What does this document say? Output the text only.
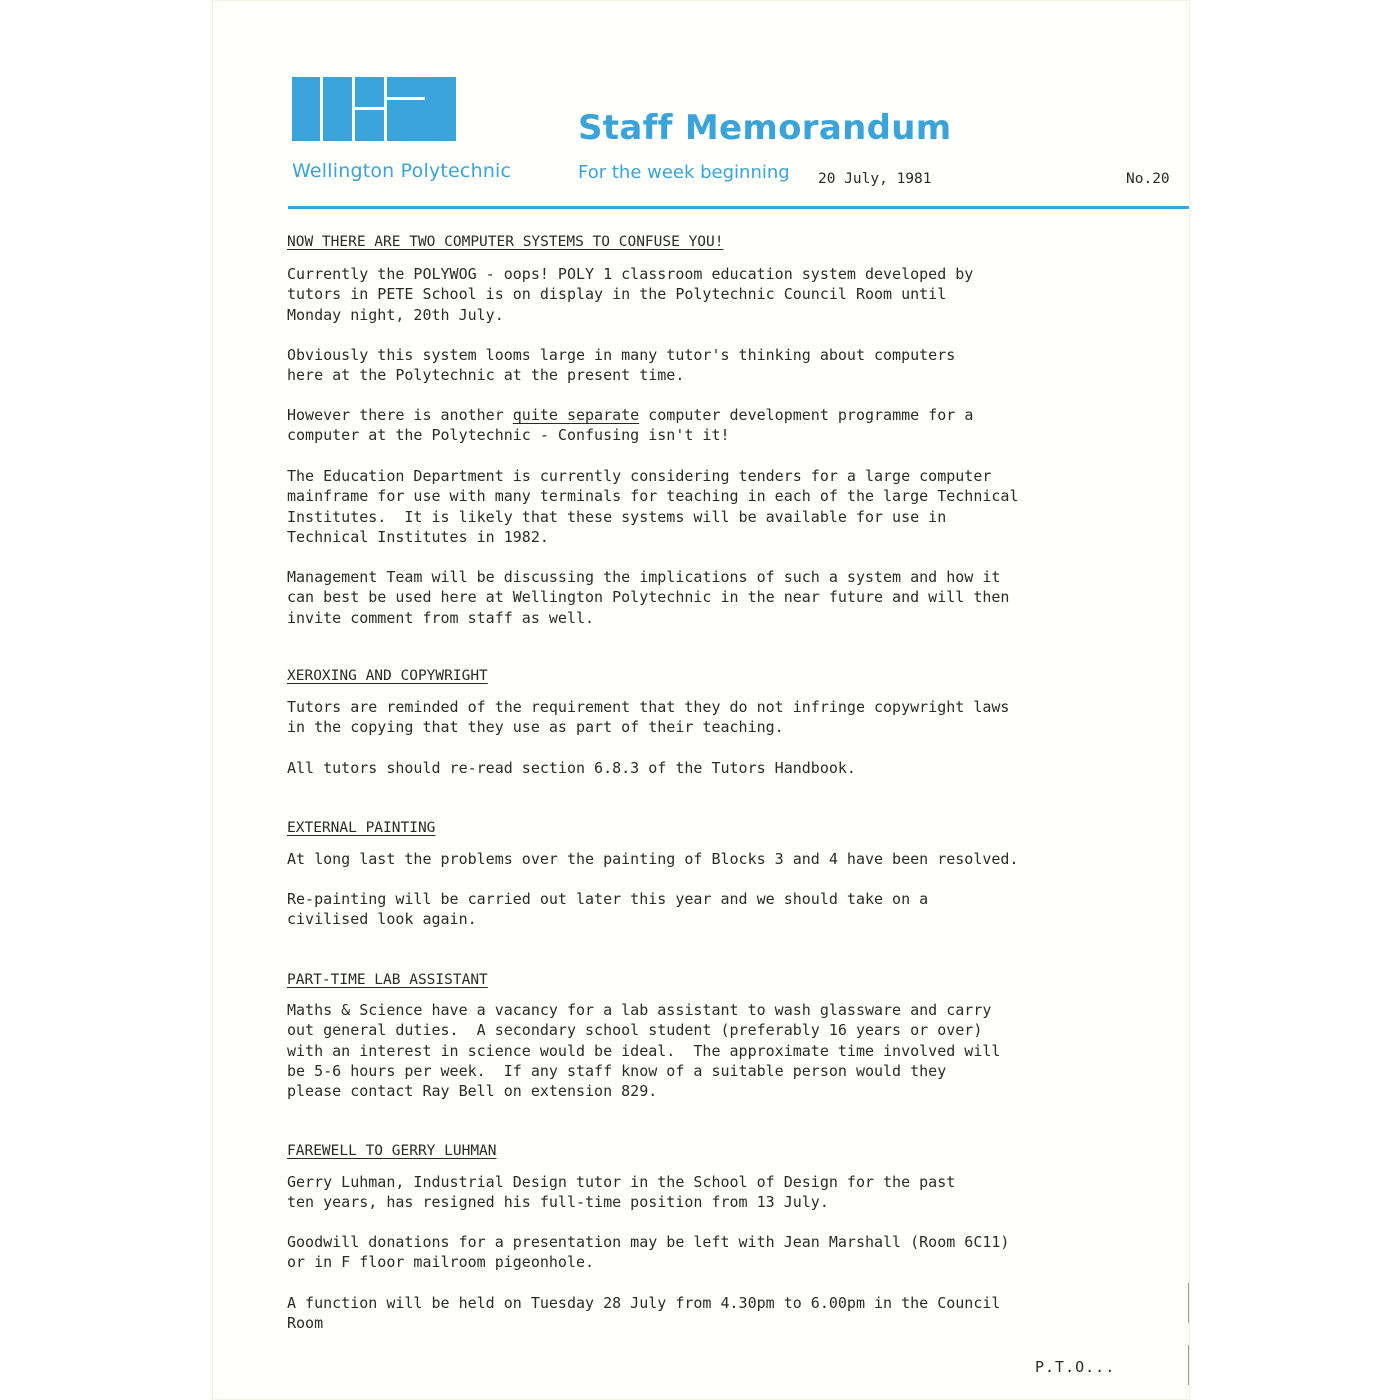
Wellington Polytechnic
Staff Memorandum
For the week beginning 20 July, 1981	No.20
NOW THERE ARE TWO COMPUTER SYSTEMS TO CONFUSE YOU!
Currently the POLYWOG - oops! POLY 1 classroom education system developed by
tutors in PETE School is on display in the Polytechnic Council Room until
Monday night, 20th July.
Obviously this system looms large in many tutor's thinking about computers
here at the Polytechnic at the present time.
However there is another quite separate computer development programme for a
computer at the Polytechnic - Confusing isn't it!
The Education Department is currently considering tenders for a large computer
mainframe for use with many terminals for teaching in each of the large Technical
Institutes.  It is likely that these systems will be available for use in
Technical Institutes in 1982.
Management Team will be discussing the implications of such a system and how it
can best be used here at Wellington Polytechnic in the near future and will then
invite comment from staff as well.
XEROXING AND COPYWRIGHT
Tutors are reminded of the requirement that they do not infringe copywright laws
in the copying that they use as part of their teaching.
All tutors should re-read section 6.8.3 of the Tutors Handbook.
EXTERNAL PAINTING
At long last the problems over the painting of Blocks 3 and 4 have been resolved.
Re-painting will be carried out later this year and we should take on a
civilised look again.
PART-TIME LAB ASSISTANT
Maths & Science have a vacancy for a lab assistant to wash glassware and carry
out general duties.  A secondary school student (preferably 16 years or over)
with an interest in science would be ideal.  The approximate time involved will
be 5-6 hours per week.  If any staff know of a suitable person would they
please contact Ray Bell on extension 829.
FAREWELL TO GERRY LUHMAN
Gerry Luhman, Industrial Design tutor in the School of Design for the past
ten years, has resigned his full-time position from 13 July.
Goodwill donations for a presentation may be left with Jean Marshall (Room 6C11)
or in F floor mailroom pigeonhole.
A function will be held on Tuesday 28 July from 4.30pm to 6.00pm in the Council
Room
P.T.O...
